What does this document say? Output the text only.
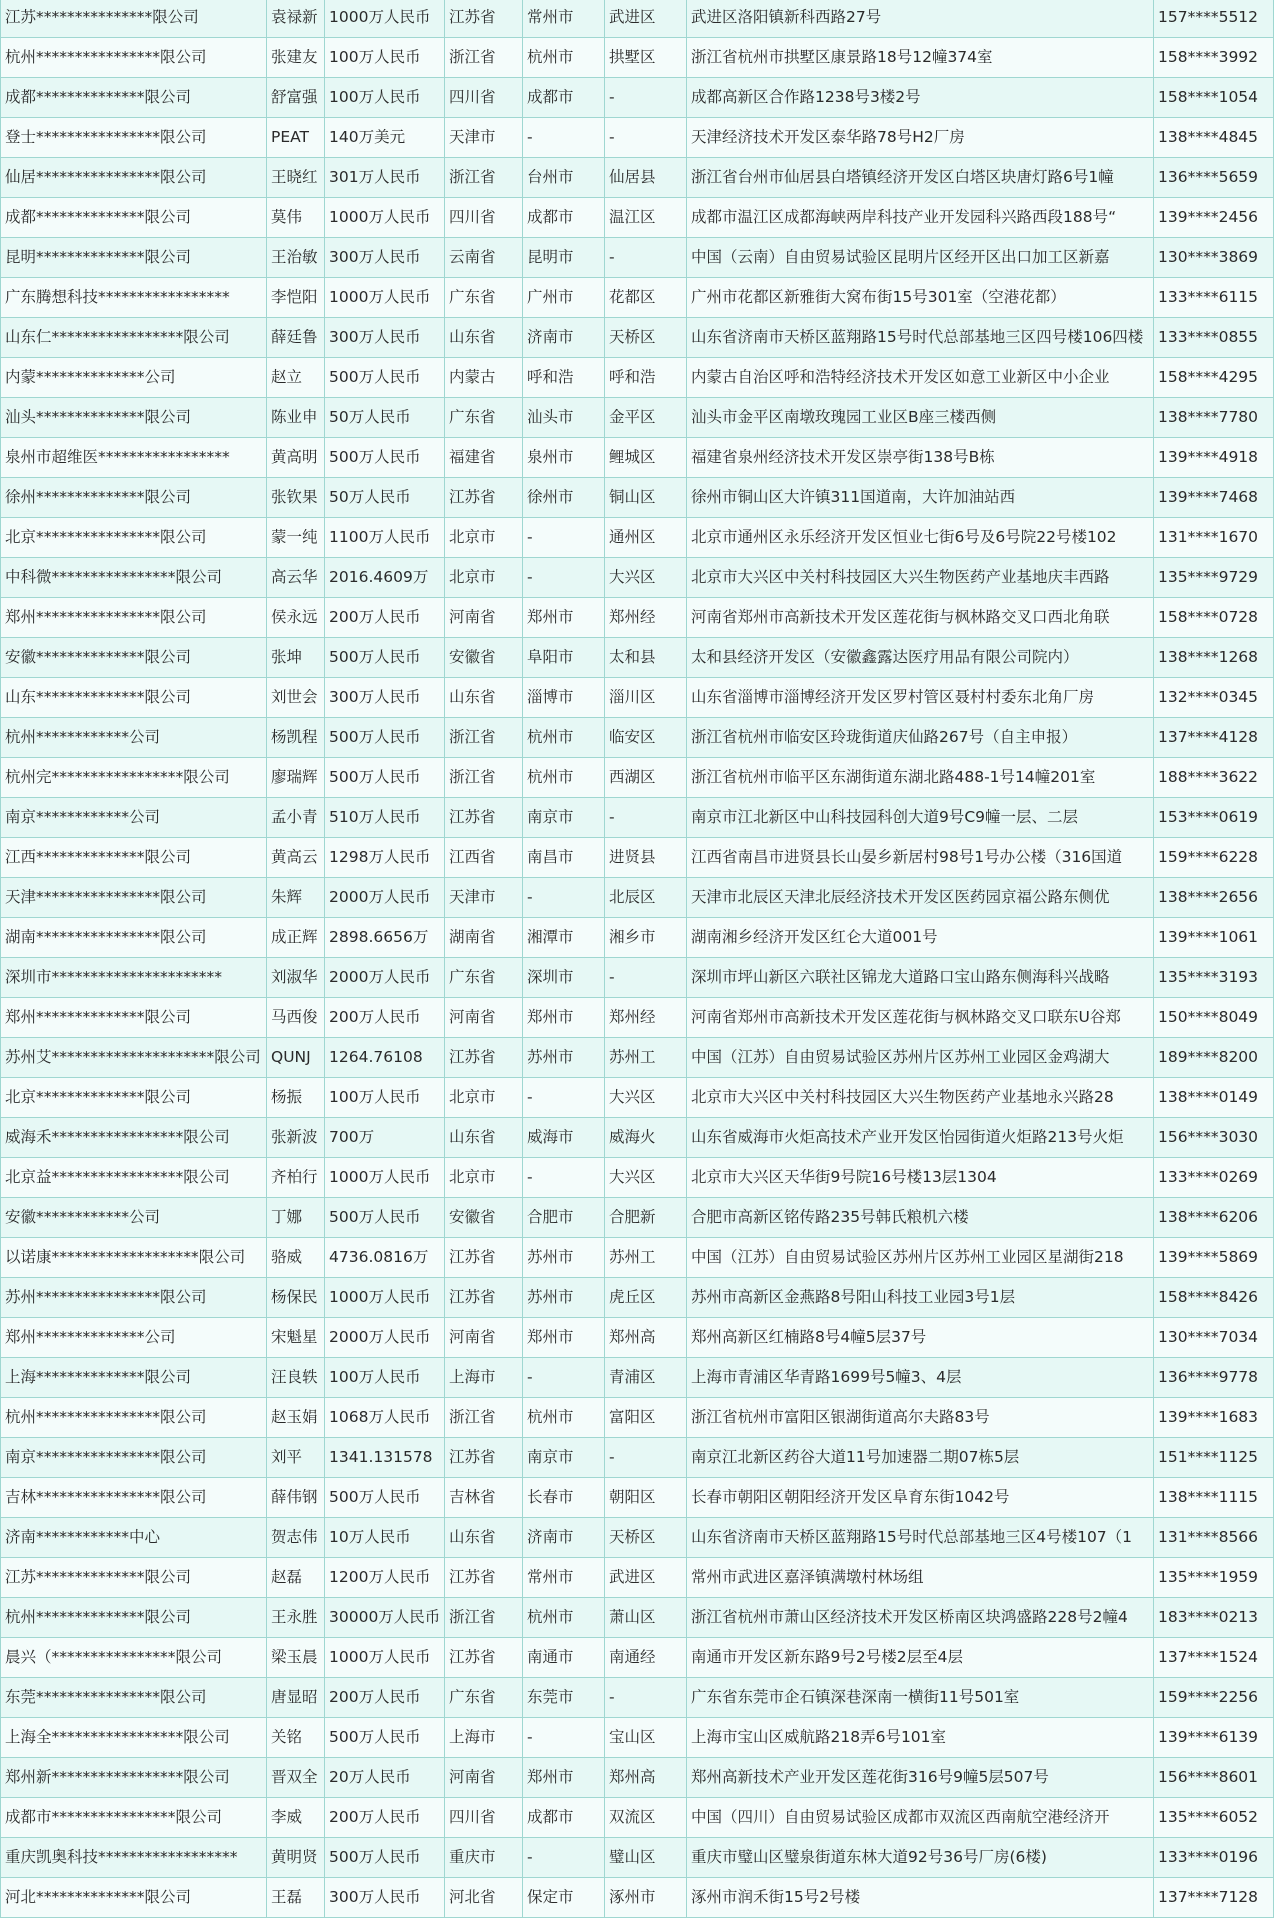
江苏***************限公司	袁禄新	1000万人民币	江苏省	常州市	武进区	武进区洛阳镇新科西路27号	157****5512
杭州****************限公司	张建友	100万人民币	浙江省	杭州市	拱墅区	浙江省杭州市拱墅区康景路18号12幢374室	158****3992
成都**************限公司	舒富强	100万人民币	四川省	成都市	-	成都高新区合作路1238号3楼2号	158****1054
登士****************限公司	PEAT	140万美元	天津市	-	-	天津经济技术开发区泰华路78号H2厂房	138****4845
仙居****************限公司	王晓红	301万人民币	浙江省	台州市	仙居县	浙江省台州市仙居县白塔镇经济开发区白塔区块唐灯路6号1幢	136****5659
成都**************限公司	莫伟	1000万人民币	四川省	成都市	温江区	成都市温江区成都海峡两岸科技产业开发园科兴路西段188号“	139****2456
昆明**************限公司	王治敏	300万人民币	云南省	昆明市	-	中国（云南）自由贸易试验区昆明片区经开区出口加工区新嘉	130****3869
广东腾想科技*****************	李恺阳	1000万人民币	广东省	广州市	花都区	广州市花都区新雅街大窝布街15号301室（空港花都）	133****6115
山东仁*****************限公司	薛廷鲁	300万人民币	山东省	济南市	天桥区	山东省济南市天桥区蓝翔路15号时代总部基地三区四号楼106四楼	133****0855
内蒙**************公司	赵立	500万人民币	内蒙古	呼和浩	呼和浩	内蒙古自治区呼和浩特经济技术开发区如意工业新区中小企业	158****4295
汕头**************限公司	陈业申	50万人民币	广东省	汕头市	金平区	汕头市金平区南墩玫瑰园工业区B座三楼西侧	138****7780
泉州市超维医*****************	黄高明	500万人民币	福建省	泉州市	鲤城区	福建省泉州经济技术开发区崇亭街138号B栋	139****4918
徐州**************限公司	张钦果	50万人民币	江苏省	徐州市	铜山区	徐州市铜山区大许镇311国道南，大许加油站西	139****7468
北京****************限公司	蒙一纯	1100万人民币	北京市	-	通州区	北京市通州区永乐经济开发区恒业七街6号及6号院22号楼102	131****1670
中科微****************限公司	高云华	2016.4609万	北京市	-	大兴区	北京市大兴区中关村科技园区大兴生物医药产业基地庆丰西路	135****9729
郑州****************限公司	侯永远	200万人民币	河南省	郑州市	郑州经	河南省郑州市高新技术开发区莲花街与枫林路交叉口西北角联	158****0728
安徽**************限公司	张坤	500万人民币	安徽省	阜阳市	太和县	太和县经济开发区（安徽鑫露达医疗用品有限公司院内）	138****1268
山东**************限公司	刘世会	300万人民币	山东省	淄博市	淄川区	山东省淄博市淄博经济开发区罗村管区聂村村委东北角厂房	132****0345
杭州************公司	杨凯程	500万人民币	浙江省	杭州市	临安区	浙江省杭州市临安区玲珑街道庆仙路267号（自主申报）	137****4128
杭州完*****************限公司	廖瑞辉	500万人民币	浙江省	杭州市	西湖区	浙江省杭州市临平区东湖街道东湖北路488-1号14幢201室	188****3622
南京************公司	孟小青	510万人民币	江苏省	南京市	-	南京市江北新区中山科技园科创大道9号C9幢一层、二层	153****0619
江西**************限公司	黄高云	1298万人民币	江西省	南昌市	进贤县	江西省南昌市进贤县长山晏乡新居村98号1号办公楼（316国道	159****6228
天津****************限公司	朱辉	2000万人民币	天津市	-	北辰区	天津市北辰区天津北辰经济技术开发区医药园京福公路东侧优	138****2656
湖南****************限公司	成正辉	2898.6656万	湖南省	湘潭市	湘乡市	湖南湘乡经济开发区红仑大道001号	139****1061
深圳市**********************	刘淑华	2000万人民币	广东省	深圳市	-	深圳市坪山新区六联社区锦龙大道路口宝山路东侧海科兴战略	135****3193
郑州**************限公司	马西俊	200万人民币	河南省	郑州市	郑州经	河南省郑州市高新技术开发区莲花街与枫林路交叉口联东U谷郑	150****8049
苏州艾*********************限公司	QUNJ	1264.76108	江苏省	苏州市	苏州工	中国（江苏）自由贸易试验区苏州片区苏州工业园区金鸡湖大	189****8200
北京**************限公司	杨振	100万人民币	北京市	-	大兴区	北京市大兴区中关村科技园区大兴生物医药产业基地永兴路28	138****0149
威海禾*****************限公司	张新波	700万	山东省	威海市	威海火	山东省威海市火炬高技术产业开发区怡园街道火炬路213号火炬	156****3030
北京益*****************限公司	齐柏行	1000万人民币	北京市	-	大兴区	北京市大兴区天华街9号院16号楼13层1304	133****0269
安徽************公司	丁娜	500万人民币	安徽省	合肥市	合肥新	合肥市高新区铭传路235号韩氏粮机六楼	138****6206
以诺康*******************限公司	骆威	4736.0816万	江苏省	苏州市	苏州工	中国（江苏）自由贸易试验区苏州片区苏州工业园区星湖街218	139****5869
苏州****************限公司	杨保民	1000万人民币	江苏省	苏州市	虎丘区	苏州市高新区金燕路8号阳山科技工业园3号1层	158****8426
郑州**************公司	宋魁星	2000万人民币	河南省	郑州市	郑州高	郑州高新区红楠路8号4幢5层37号	130****7034
上海**************限公司	汪良轶	100万人民币	上海市	-	青浦区	上海市青浦区华青路1699号5幢3、4层	136****9778
杭州****************限公司	赵玉娟	1068万人民币	浙江省	杭州市	富阳区	浙江省杭州市富阳区银湖街道高尔夫路83号	139****1683
南京****************限公司	刘平	1341.131578	江苏省	南京市	-	南京江北新区药谷大道11号加速器二期07栋5层	151****1125
吉林****************限公司	薛伟钢	500万人民币	吉林省	长春市	朝阳区	长春市朝阳区朝阳经济开发区阜育东街1042号	138****1115
济南************中心	贺志伟	10万人民币	山东省	济南市	天桥区	山东省济南市天桥区蓝翔路15号时代总部基地三区4号楼107（1	131****8566
江苏**************限公司	赵磊	1200万人民币	江苏省	常州市	武进区	常州市武进区嘉泽镇满墩村林场组	135****1959
杭州**************限公司	王永胜	30000万人民币	浙江省	杭州市	萧山区	浙江省杭州市萧山区经济技术开发区桥南区块鸿盛路228号2幢4	183****0213
晨兴（****************限公司	梁玉晨	1000万人民币	江苏省	南通市	南通经	南通市开发区新东路9号2号楼2层至4层	137****1524
东莞****************限公司	唐显昭	200万人民币	广东省	东莞市	-	广东省东莞市企石镇深巷深南一横街11号501室	159****2256
上海全*****************限公司	关铭	500万人民币	上海市	-	宝山区	上海市宝山区威航路218弄6号101室	139****6139
郑州新*****************限公司	晋双全	20万人民币	河南省	郑州市	郑州高	郑州高新技术产业开发区莲花街316号9幢5层507号	156****8601
成都市****************限公司	李威	200万人民币	四川省	成都市	双流区	中国（四川）自由贸易试验区成都市双流区西南航空港经济开	135****6052
重庆凯奥科技******************	黄明贤	500万人民币	重庆市	-	璧山区	重庆市璧山区璧泉街道东林大道92号36号厂房(6楼)	133****0196
河北**************限公司	王磊	300万人民币	河北省	保定市	涿州市	涿州市润禾街15号2号楼	137****7128
